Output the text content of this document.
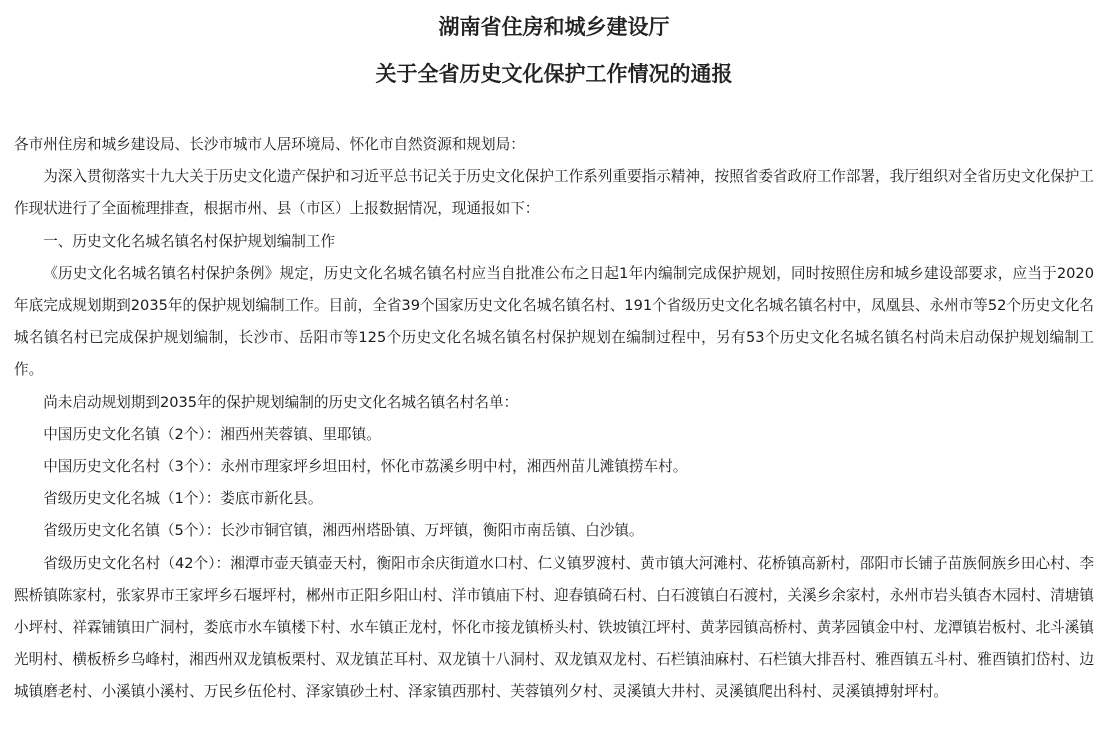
湖南省住房和城乡建设厅
关于全省历史文化保护工作情况的通报

各市州住房和城乡建设局、长沙市城市人居环境局、怀化市自然资源和规划局：

为深入贯彻落实十九大关于历史文化遗产保护和习近平总书记关于历史文化保护工作系列重要指示精神，按照省委省政府工作部署，我厅组织对全省历史文化保护工作现状进行了全面梳理排查，根据市州、县（市区）上报数据情况，现通报如下：

一、历史文化名城名镇名村保护规划编制工作

《历史文化名城名镇名村保护条例》规定，历史文化名城名镇名村应当自批准公布之日起1年内编制完成保护规划，同时按照住房和城乡建设部要求，应当于2020年底完成规划期到2035年的保护规划编制工作。目前，全省39个国家历史文化名城名镇名村、191个省级历史文化名城名镇名村中，凤凰县、永州市等52个历史文化名城名镇名村已完成保护规划编制，长沙市、岳阳市等125个历史文化名城名镇名村保护规划在编制过程中，另有53个历史文化名城名镇名村尚未启动保护规划编制工作。

尚未启动规划期到2035年的保护规划编制的历史文化名城名镇名村名单：

中国历史文化名镇（2个）：湘西州芙蓉镇、里耶镇。

中国历史文化名村（3个）：永州市理家坪乡坦田村，怀化市荔溪乡明中村，湘西州苗儿滩镇捞车村。

省级历史文化名城（1个）：娄底市新化县。

省级历史文化名镇（5个）：长沙市铜官镇，湘西州塔卧镇、万坪镇，衡阳市南岳镇、白沙镇。

省级历史文化名村（42个）：湘潭市壶天镇壶天村，衡阳市余庆街道水口村、仁义镇罗渡村、黄市镇大河滩村、花桥镇高新村，邵阳市长铺子苗族侗族乡田心村、李熙桥镇陈家村，张家界市王家坪乡石堰坪村，郴州市正阳乡阳山村、洋市镇庙下村、迎春镇碕石村、白石渡镇白石渡村，关溪乡余家村，永州市岩头镇杏木园村、清塘镇小坪村、祥霖铺镇田广洞村，娄底市水车镇楼下村、水车镇正龙村，怀化市接龙镇桥头村、铁坡镇江坪村、黄茅园镇高桥村、黄茅园镇金中村、龙潭镇岩板村、北斗溪镇光明村、横板桥乡乌峰村，湘西州双龙镇板栗村、双龙镇芷耳村、双龙镇十八洞村、双龙镇双龙村、石栏镇油麻村、石栏镇大排吾村、雅酉镇五斗村、雅酉镇扪岱村、边城镇磨老村、小溪镇小溪村、万民乡伍伦村、泽家镇砂土村、泽家镇西那村、芙蓉镇列夕村、灵溪镇大井村、灵溪镇爬出科村、灵溪镇搏射坪村。
